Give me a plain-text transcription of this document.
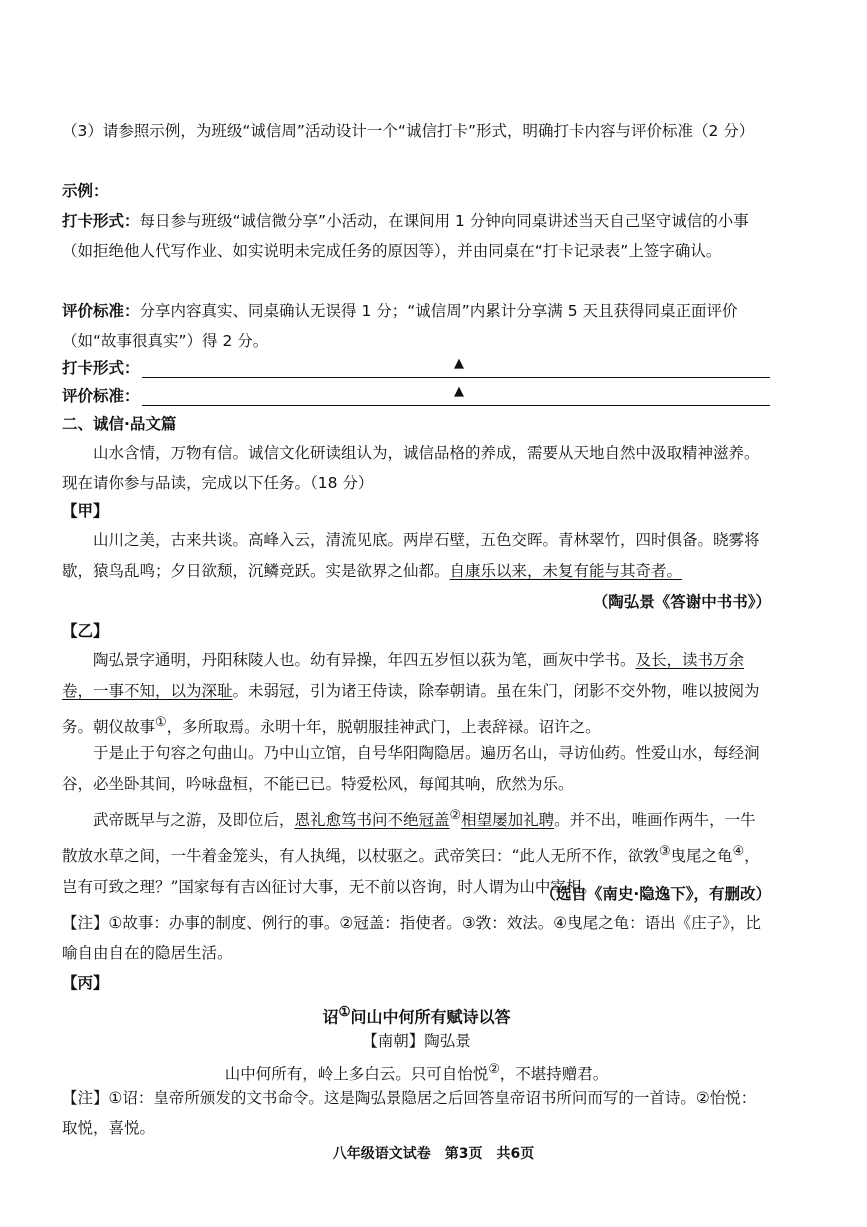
（3）请参照示例，为班级“诚信周”活动设计一个“诚信打卡”形式，明确打卡内容与评价标准（2 分）
示例：
打卡形式：每日参与班级“诚信微分享”小活动，在课间用 1 分钟向同桌讲述当天自己坚守诚信的小事（如拒绝他人代写作业、如实说明未完成任务的原因等），并由同桌在“打卡记录表”上签字确认。
评价标准：分享内容真实、同桌确认无误得 1 分；“诚信周”内累计分享满 5 天且获得同桌正面评价（如“故事很真实”）得 2 分。
打卡形式：	▲
评价标准：	▲
二、诚信·品文篇
山水含情，万物有信。诚信文化研读组认为，诚信品格的养成，需要从天地自然中汲取精神滋养。现在请你参与品读，完成以下任务。（18 分）
【甲】
山川之美，古来共谈。高峰入云，清流见底。两岸石壁，五色交晖。青林翠竹，四时俱备。晓雾将歇，猿鸟乱鸣；夕日欲颓，沉鳞竞跃。实是欲界之仙都。自康乐以来，未复有能与其奇者。
（陶弘景《答谢中书书》）
【乙】
陶弘景字通明，丹阳秣陵人也。幼有异操，年四五岁恒以荻为笔，画灰中学书。及长，读书万余卷，一事不知，以为深耻。未弱冠，引为诸王侍读，除奉朝请。虽在朱门，闭影不交外物，唯以披阅为务。朝仪故事①，多所取焉。永明十年，脱朝服挂神武门，上表辞禄。诏许之。
于是止于句容之句曲山。乃中山立馆，自号华阳陶隐居。遍历名山，寻访仙药。性爱山水，每经涧谷，必坐卧其间，吟咏盘桓，不能已已。特爱松风，每闻其响，欣然为乐。
武帝既早与之游，及即位后，恩礼愈笃书问不绝冠盖②相望屡加礼聘。并不出，唯画作两牛，一牛散放水草之间，一牛着金笼头，有人执绳，以杖驱之。武帝笑曰：“此人无所不作，欲敩③曳尾之龟④，岂有可致之理？”国家每有吉凶征讨大事，无不前以咨询，时人谓为山中宰相。
（选自《南史·隐逸下》，有删改）
【注】①故事：办事的制度、例行的事。②冠盖：指使者。③敩：效法。④曳尾之龟：语出《庄子》，比喻自由自在的隐居生活。
【丙】
诏①问山中何所有赋诗以答
【南朝】陶弘景
山中何所有，岭上多白云。只可自怡悦②，不堪持赠君。
【注】①诏：皇帝所颁发的文书命令。这是陶弘景隐居之后回答皇帝诏书所问而写的一首诗。②怡悦：取悦，喜悦。
八年级语文试卷　第3页　共6页
